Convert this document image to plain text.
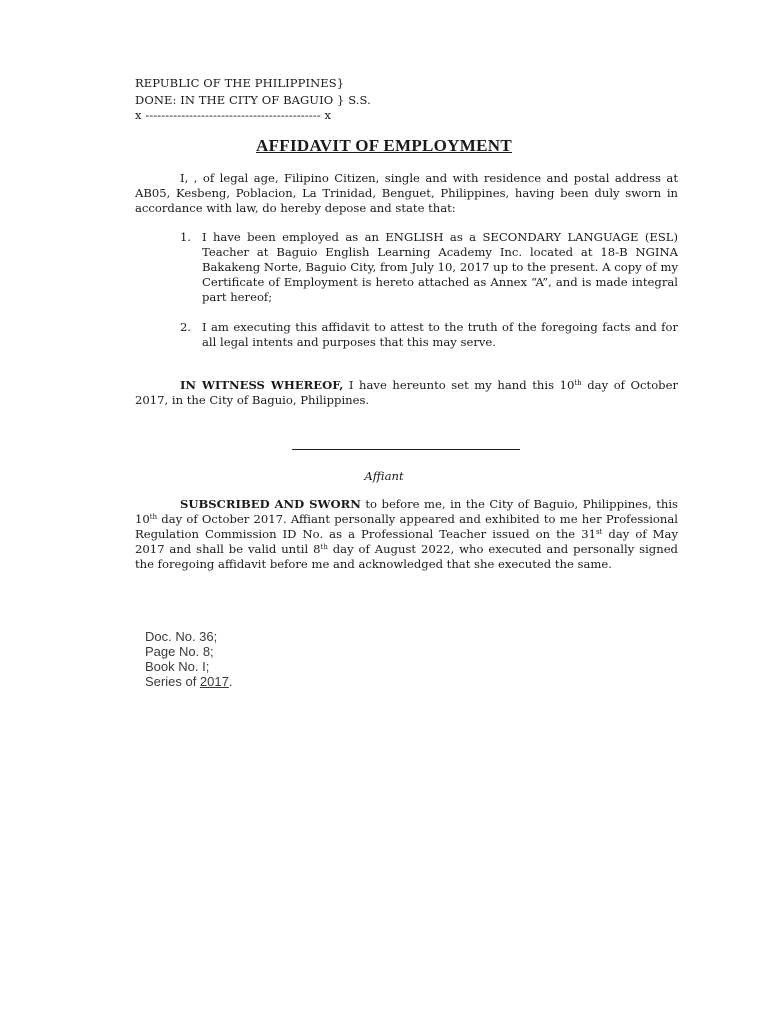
REPUBLIC OF THE PHILIPPINES}
DONE: IN THE CITY OF BAGUIO } S.S.
x -------------------------------------------- x
AFFIDAVIT OF EMPLOYMENT
I, , of legal age, Filipino Citizen, single and with residence and postal address at AB05, Kesbeng, Poblacion, La Trinidad, Benguet, Philippines, having been duly sworn in accordance with law, do hereby depose and state that:
1. I have been employed as an ENGLISH as a SECONDARY LANGUAGE (ESL) Teacher at Baguio English Learning Academy Inc. located at 18-B NGINA Bakakeng Norte, Baguio City, from July 10, 2017 up to the present. A copy of my Certificate of Employment is hereto attached as Annex “A”, and is made integral part hereof;
2. I am executing this affidavit to attest to the truth of the foregoing facts and for all legal intents and purposes that this may serve.
IN WITNESS WHEREOF, I have hereunto set my hand this 10th day of October 2017, in the City of Baguio, Philippines.
Affiant
SUBSCRIBED AND SWORN to before me, in the City of Baguio, Philippines, this 10th day of October 2017. Affiant personally appeared and exhibited to me her Professional Regulation Commission ID No. as a Professional Teacher issued on the 31st day of May 2017 and shall be valid until 8th day of August 2022, who executed and personally signed the foregoing affidavit before me and acknowledged that she executed the same.
Doc. No. 36;
Page No. 8;
Book No. I;
Series of 2017.
